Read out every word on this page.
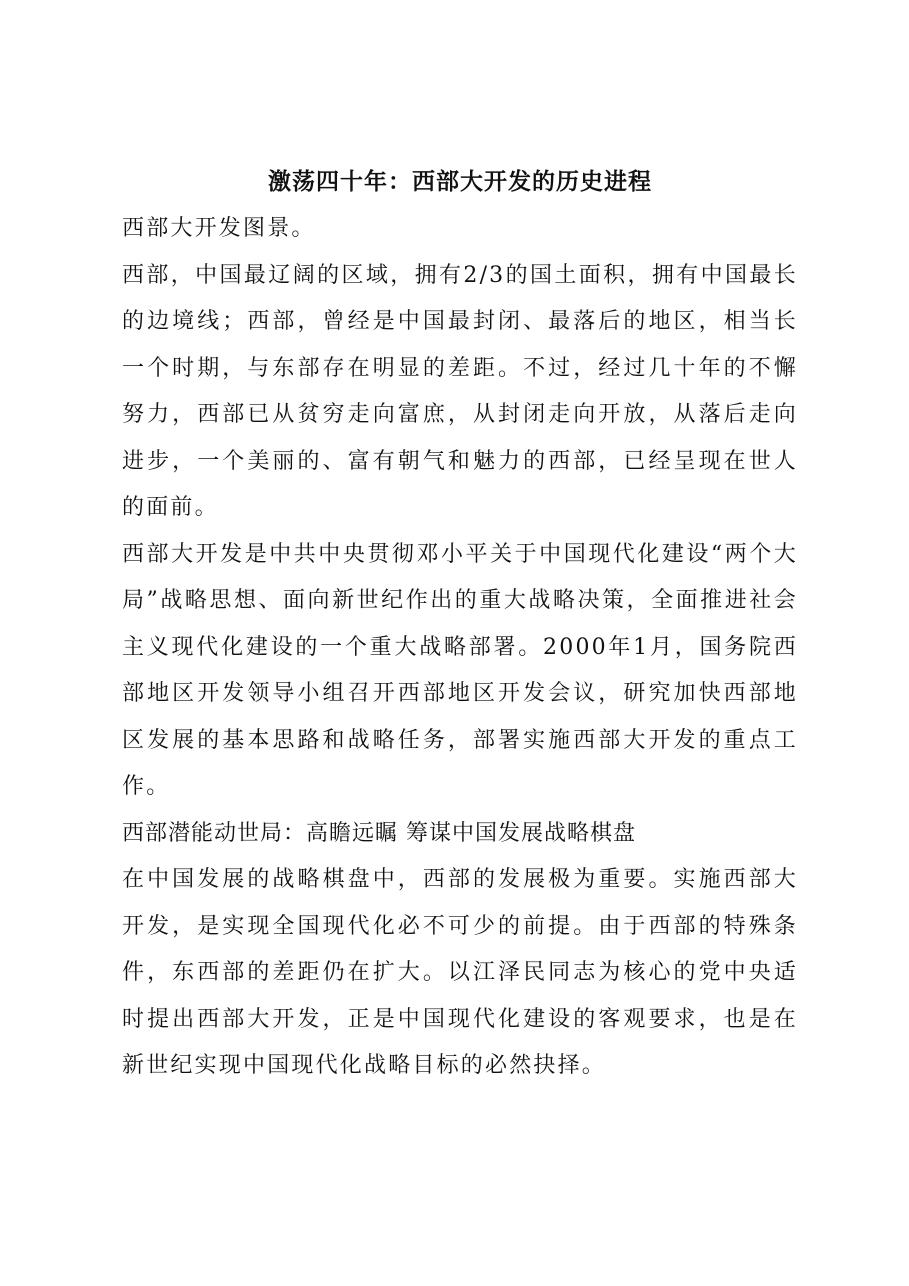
激荡四十年：西部大开发的历史进程

西部大开发图景。

西部，中国最辽阔的区域，拥有2/3的国土面积，拥有中国最长的边境线；西部，曾经是中国最封闭、最落后的地区，相当长一个时期，与东部存在明显的差距。不过，经过几十年的不懈努力，西部已从贫穷走向富庶，从封闭走向开放，从落后走向进步，一个美丽的、富有朝气和魅力的西部，已经呈现在世人的面前。

西部大开发是中共中央贯彻邓小平关于中国现代化建设“两个大局”战略思想、面向新世纪作出的重大战略决策，全面推进社会主义现代化建设的一个重大战略部署。2000年1月，国务院西部地区开发领导小组召开西部地区开发会议，研究加快西部地区发展的基本思路和战略任务，部署实施西部大开发的重点工作。

西部潜能动世局：高瞻远瞩 筹谋中国发展战略棋盘

在中国发展的战略棋盘中，西部的发展极为重要。实施西部大开发，是实现全国现代化必不可少的前提。由于西部的特殊条件，东西部的差距仍在扩大。以江泽民同志为核心的党中央适时提出西部大开发，正是中国现代化建设的客观要求，也是在新世纪实现中国现代化战略目标的必然抉择。
